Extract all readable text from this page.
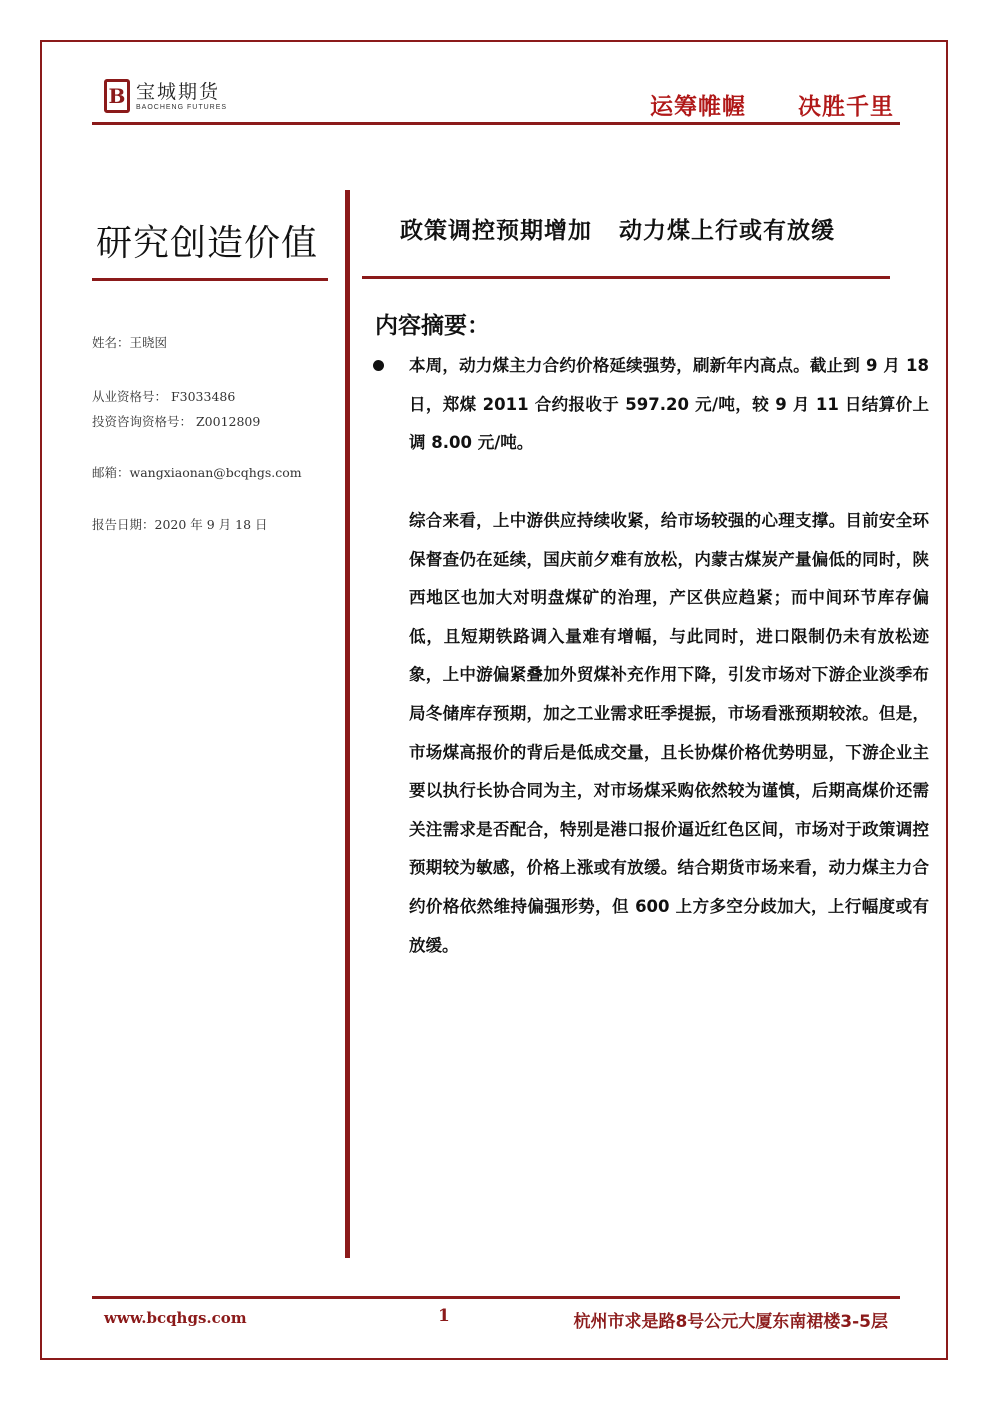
B 宝城期货
BAOCHENG FUTURES	运筹帷幄 决胜千里
研究创造价值
姓名：王晓囡
从业资格号： F3033486
投资咨询资格号： Z0012809
邮箱：wangxiaonan@bcqhgs.com
报告日期：2020 年 9 月 18 日
政策调控预期增加   动力煤上行或有放缓
内容摘要：
本周，动力煤主力合约价格延续强势，刷新年内高点。截止到 9 月 18 日，郑煤 2011 合约报收于 597.20 元/吨，较 9 月 11 日结算价上调 8.00 元/吨。
综合来看，上中游供应持续收紧，给市场较强的心理支撑。目前安全环保督查仍在延续，国庆前夕难有放松，内蒙古煤炭产量偏低的同时，陕西地区也加大对明盘煤矿的治理，产区供应趋紧；而中间环节库存偏低，且短期铁路调入量难有增幅，与此同时，进口限制仍未有放松迹象，上中游偏紧叠加外贸煤补充作用下降，引发市场对下游企业淡季布局冬储库存预期，加之工业需求旺季提振，市场看涨预期较浓。但是，市场煤高报价的背后是低成交量，且长协煤价格优势明显，下游企业主要以执行长协合同为主，对市场煤采购依然较为谨慎，后期高煤价还需关注需求是否配合，特别是港口报价逼近红色区间，市场对于政策调控预期较为敏感，价格上涨或有放缓。结合期货市场来看，动力煤主力合约价格依然维持偏强形势，但 600 上方多空分歧加大，上行幅度或有放缓。
www.bcqhgs.com	1	杭州市求是路8号公元大厦东南裙楼3-5层
